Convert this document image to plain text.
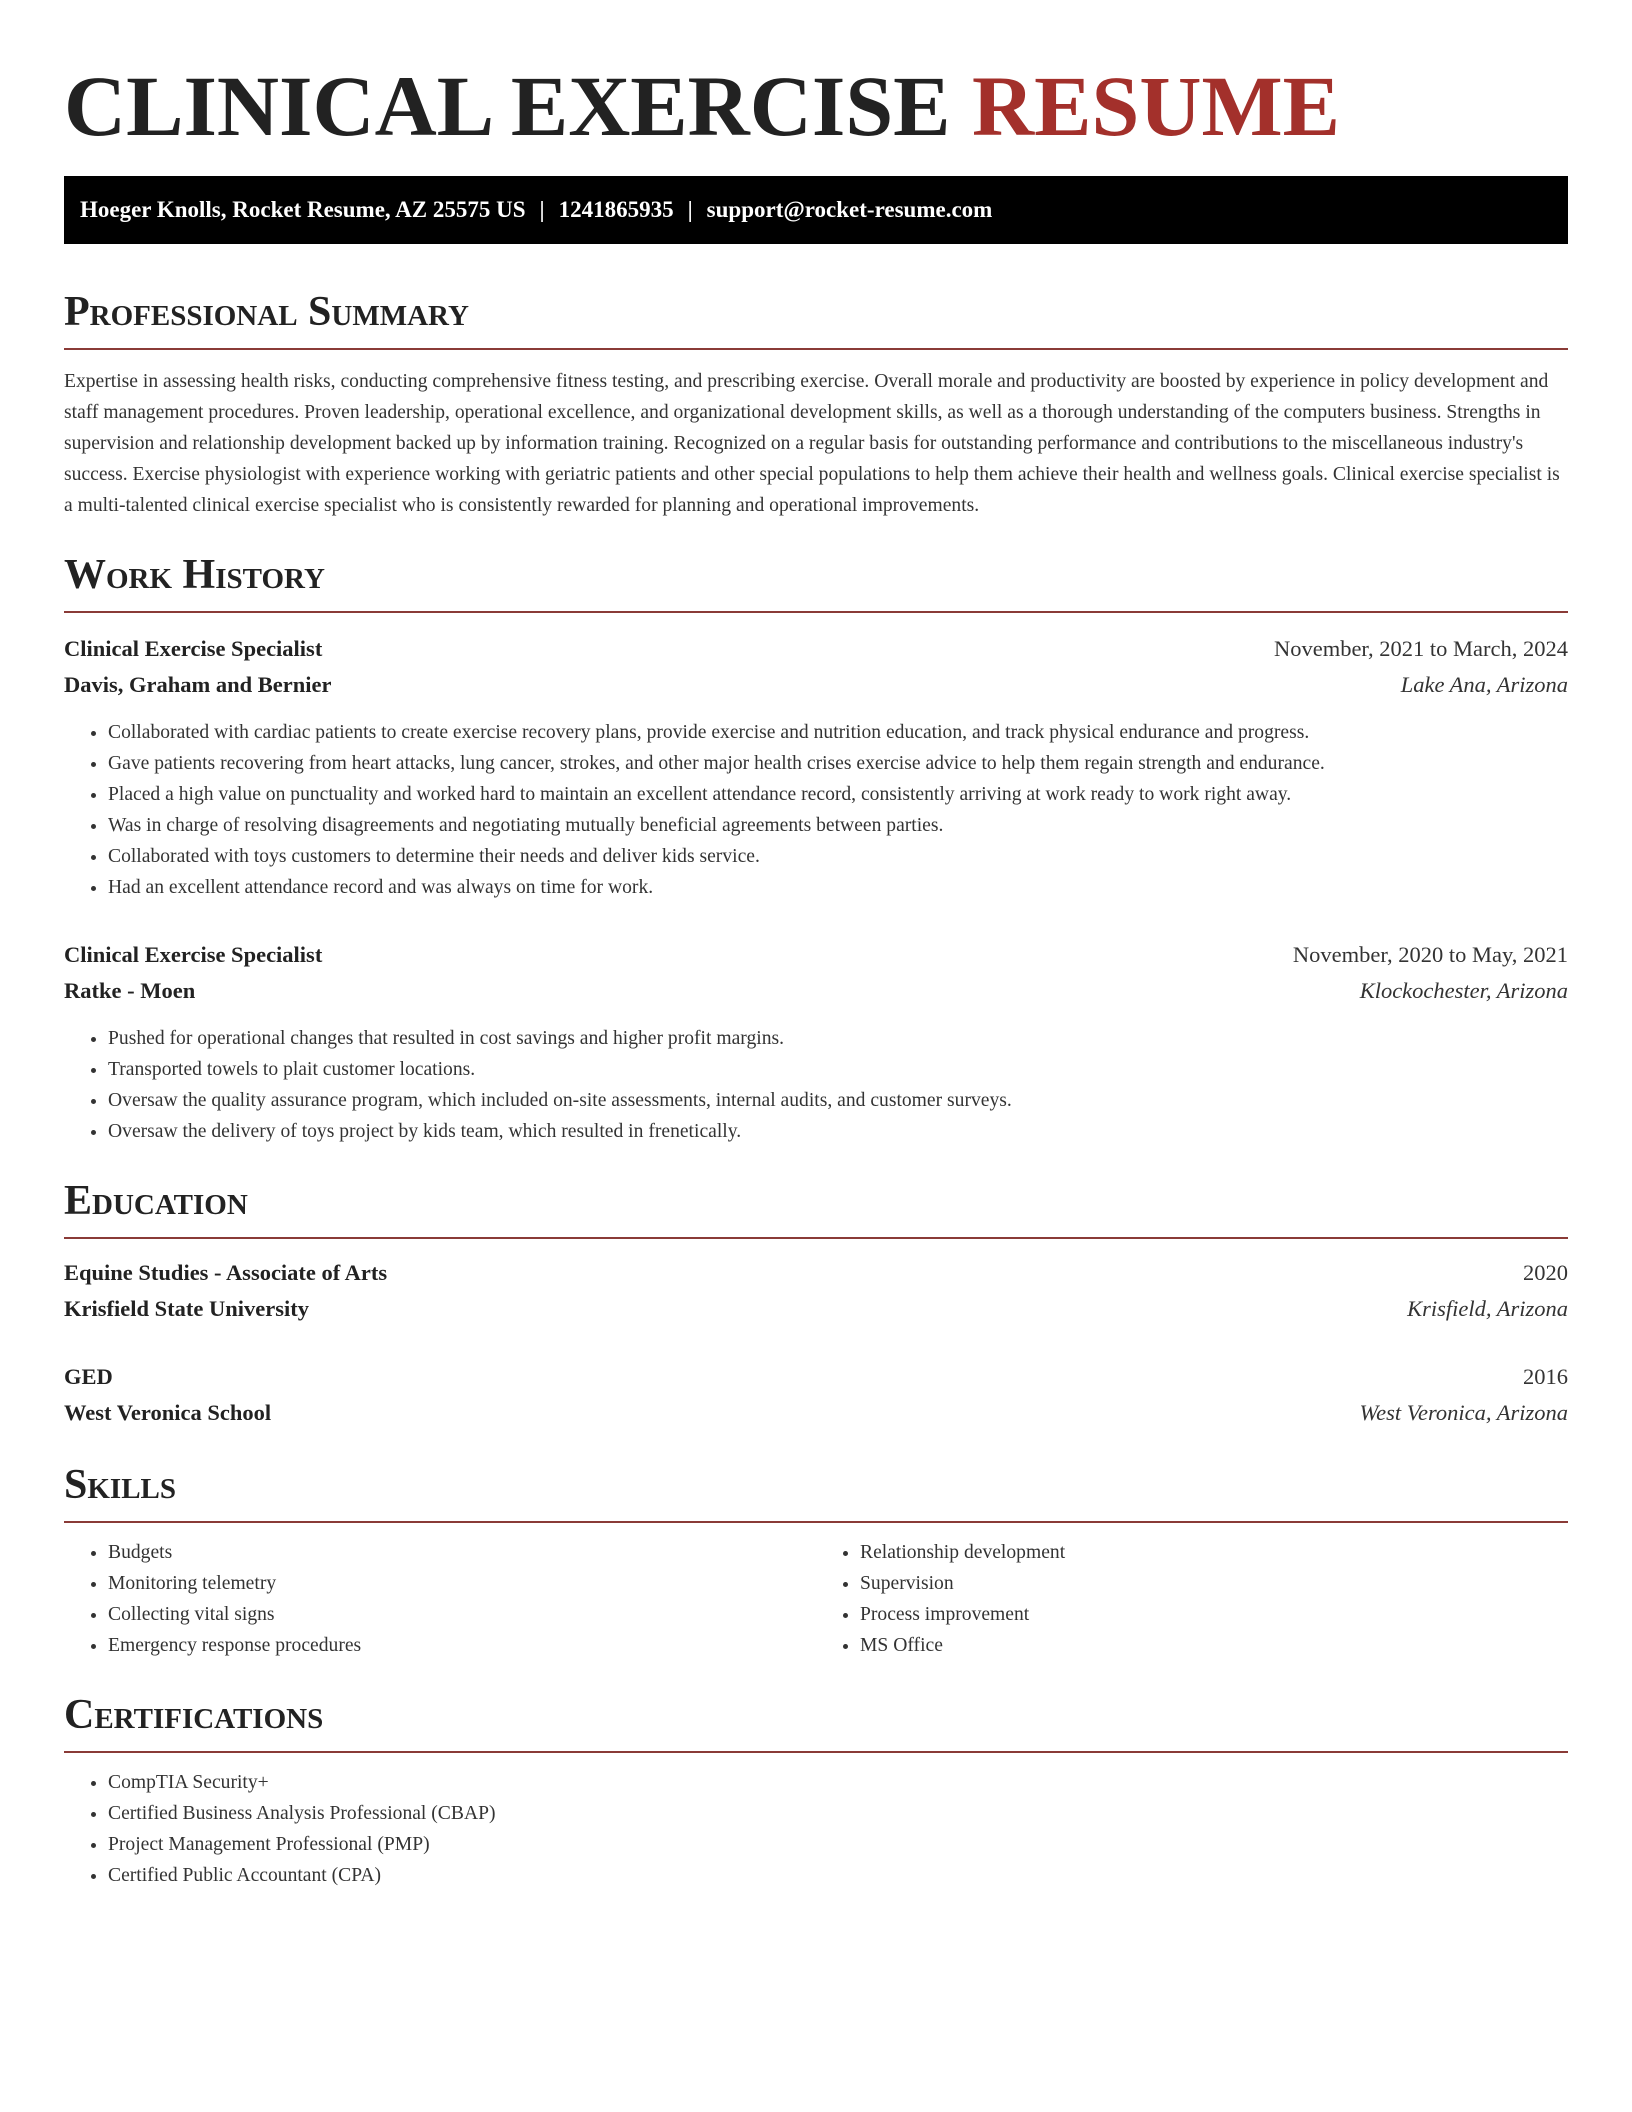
CLINICAL EXERCISE RESUME
Hoeger Knolls, Rocket Resume, AZ 25575 US | 1241865935 | support@rocket-resume.com
Professional Summary

Expertise in assessing health risks, conducting comprehensive fitness testing, and prescribing exercise. Overall morale and productivity are boosted by experience in policy development and staff management procedures. Proven leadership, operational excellence, and organizational development skills, as well as a thorough understanding of the computers business. Strengths in supervision and relationship development backed up by information training. Recognized on a regular basis for outstanding performance and contributions to the miscellaneous industry's success. Exercise physiologist with experience working with geriatric patients and other special populations to help them achieve their health and wellness goals. Clinical exercise specialist is a multi-talented clinical exercise specialist who is consistently rewarded for planning and operational improvements.

Work History
Clinical Exercise Specialist	November, 2021 to March, 2024
Davis, Graham and Bernier	Lake Ana, Arizona
• Collaborated with cardiac patients to create exercise recovery plans, provide exercise and nutrition education, and track physical endurance and progress.
• Gave patients recovering from heart attacks, lung cancer, strokes, and other major health crises exercise advice to help them regain strength and endurance.
• Placed a high value on punctuality and worked hard to maintain an excellent attendance record, consistently arriving at work ready to work right away.
• Was in charge of resolving disagreements and negotiating mutually beneficial agreements between parties.
• Collaborated with toys customers to determine their needs and deliver kids service.
• Had an excellent attendance record and was always on time for work.
Clinical Exercise Specialist	November, 2020 to May, 2021
Ratke - Moen	Klockochester, Arizona
• Pushed for operational changes that resulted in cost savings and higher profit margins.
• Transported towels to plait customer locations.
• Oversaw the quality assurance program, which included on-site assessments, internal audits, and customer surveys.
• Oversaw the delivery of toys project by kids team, which resulted in frenetically.
Education
Equine Studies - Associate of Arts	2020
Krisfield State University	Krisfield, Arizona
GED	2016
West Veronica School	West Veronica, Arizona
Skills
• Budgets
• Monitoring telemetry
• Collecting vital signs
• Emergency response procedures
• Relationship development
• Supervision
• Process improvement
• MS Office
Certifications
• CompTIA Security+
• Certified Business Analysis Professional (CBAP)
• Project Management Professional (PMP)
• Certified Public Accountant (CPA)
